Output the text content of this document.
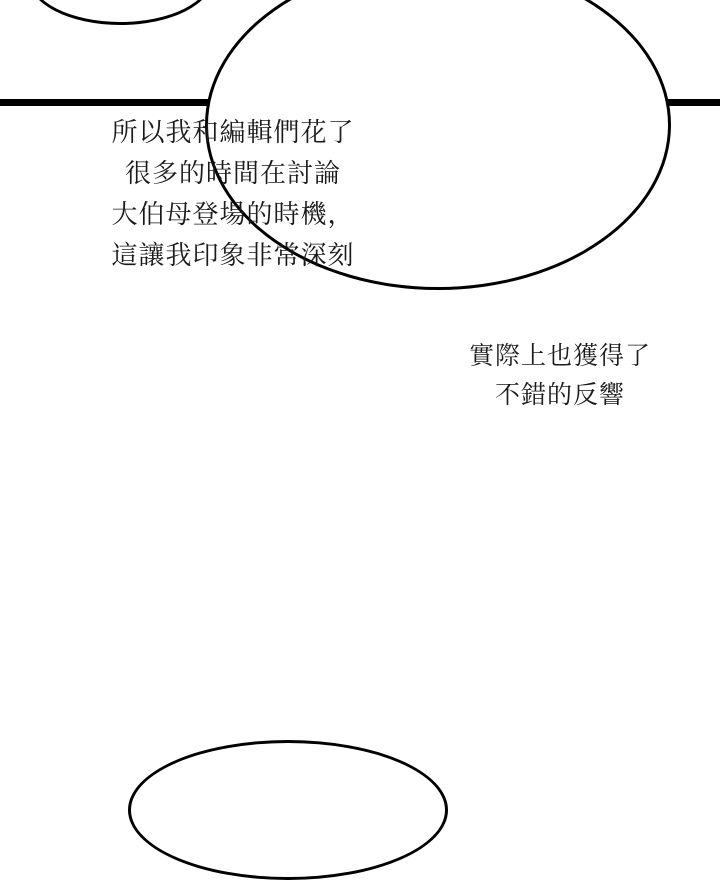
所以我和編輯們花了
很多的時間在討論
大伯母登場的時機，
這讓我印象非常深刻
實際上也獲得了
不錯的反響
